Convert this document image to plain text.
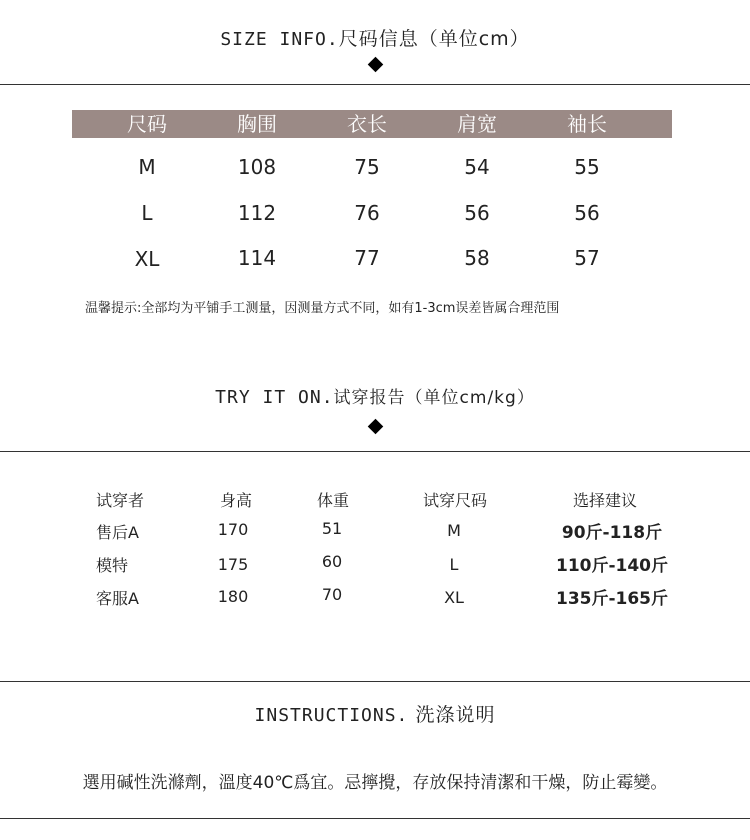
SIZE INFO.尺码信息（单位cm）
尺码	胸围	衣长	肩宽	袖长
M	108	75	54	55
L	112	76	56	56
XL	114	77	58	57
温馨提示:全部均为平铺手工测量，因测量方式不同，如有1-3cm误差皆属合理范围
TRY IT ON.试穿报告（单位cm/kg）
试穿者	身高	体重	试穿尺码	选择建议
售后A	170	51	M	90斤-118斤
模特	175	60	L	110斤-140斤
客服A	180	70	XL	135斤-165斤
INSTRUCTIONS. 洗涤说明
選用碱性洗滌劑，溫度40℃爲宜。忌擰攪，存放保持清潔和干燥，防止霉變。
